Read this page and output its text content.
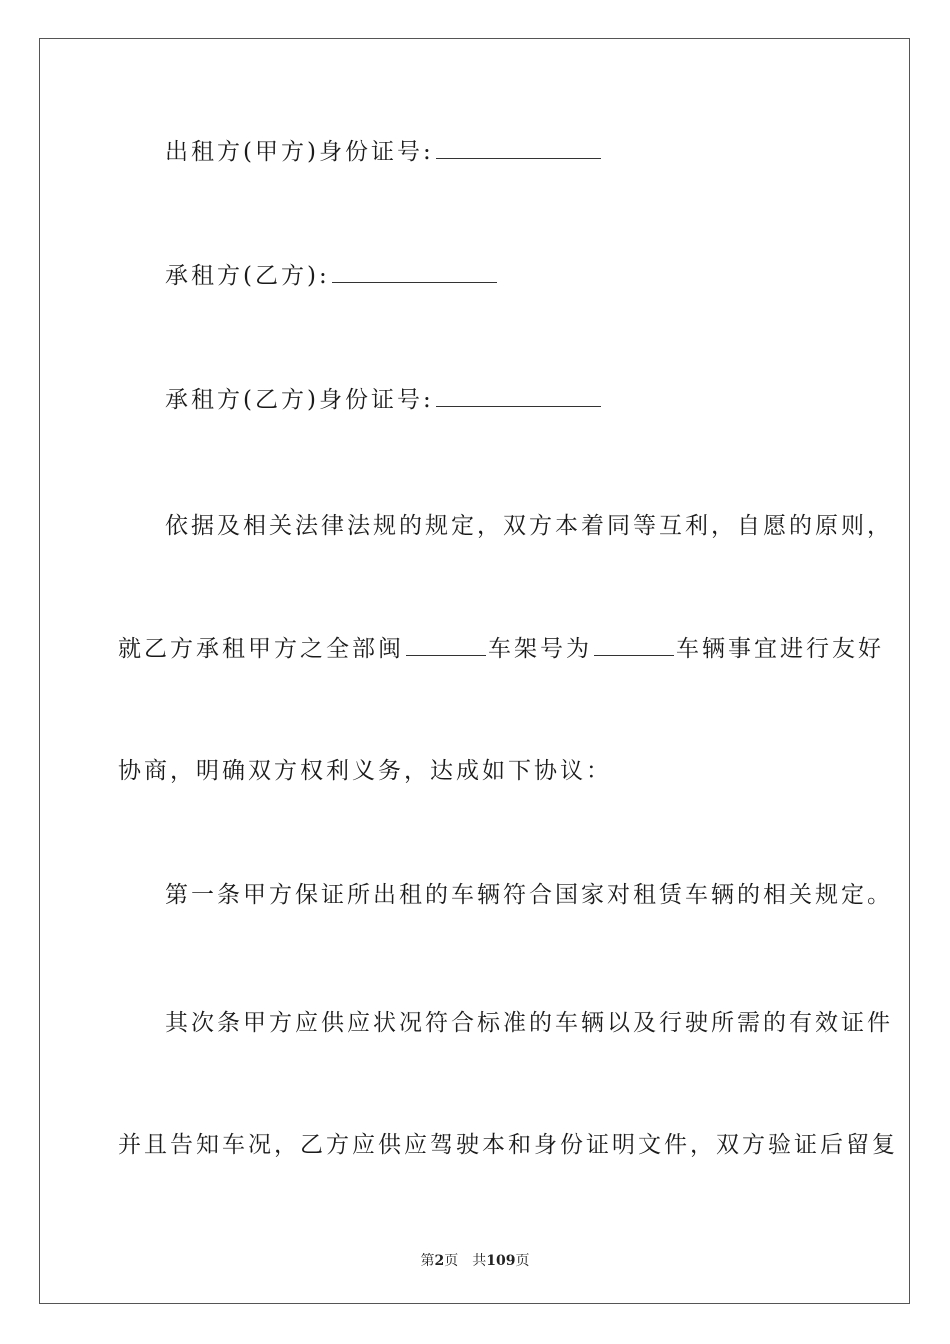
出租方(甲方)身份证号:
承租方(乙方):
承租方(乙方)身份证号:
依据及相关法律法规的规定，双方本着同等互利，自愿的原则，
就乙方承租甲方之全部闽	车架号为	车辆事宜进行友好
协商，明确双方权利义务，达成如下协议：
第一条甲方保证所出租的车辆符合国家对租赁车辆的相关规定。
其次条甲方应供应状况符合标准的车辆以及行驶所需的有效证件
并且告知车况，乙方应供应驾驶本和身份证明文件，双方验证后留复
第2页 共109页
